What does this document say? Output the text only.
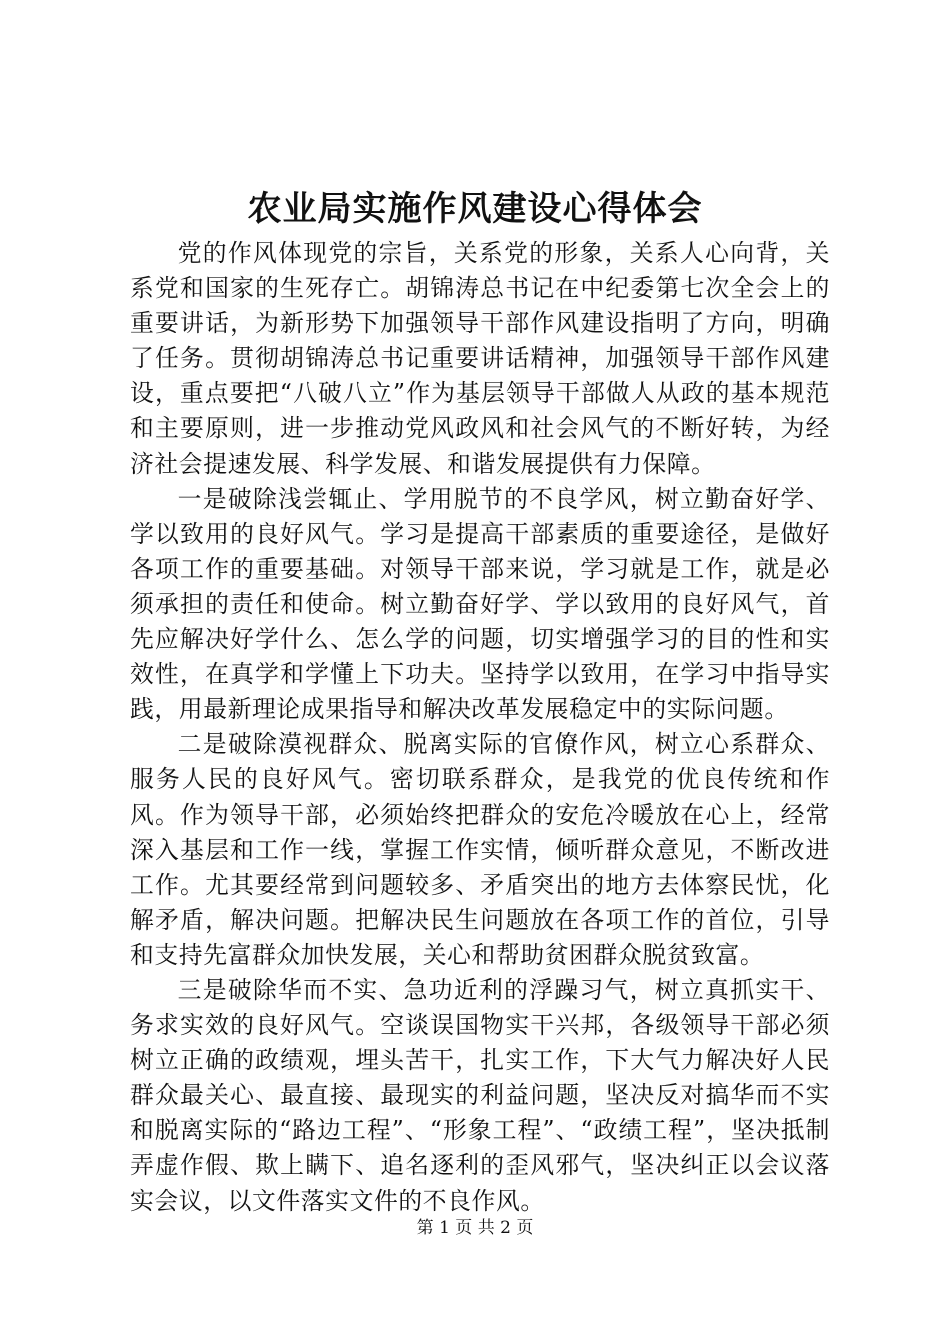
农业局实施作风建设心得体会

党的作风体现党的宗旨，关系党的形象，关系人心向背，关系党和国家的生死存亡。胡锦涛总书记在中纪委第七次全会上的重要讲话，为新形势下加强领导干部作风建设指明了方向，明确了任务。贯彻胡锦涛总书记重要讲话精神，加强领导干部作风建设，重点要把“八破八立”作为基层领导干部做人从政的基本规范和主要原则，进一步推动党风政风和社会风气的不断好转，为经济社会提速发展、科学发展、和谐发展提供有力保障。

一是破除浅尝辄止、学用脱节的不良学风，树立勤奋好学、学以致用的良好风气。学习是提高干部素质的重要途径，是做好各项工作的重要基础。对领导干部来说，学习就是工作，就是必须承担的责任和使命。树立勤奋好学、学以致用的良好风气，首先应解决好学什么、怎么学的问题，切实增强学习的目的性和实效性，在真学和学懂上下功夫。坚持学以致用，在学习中指导实践，用最新理论成果指导和解决改革发展稳定中的实际问题。

二是破除漠视群众、脱离实际的官僚作风，树立心系群众、服务人民的良好风气。密切联系群众，是我党的优良传统和作风。作为领导干部，必须始终把群众的安危冷暖放在心上，经常深入基层和工作一线，掌握工作实情，倾听群众意见，不断改进工作。尤其要经常到问题较多、矛盾突出的地方去体察民忧，化解矛盾，解决问题。把解决民生问题放在各项工作的首位，引导和支持先富群众加快发展，关心和帮助贫困群众脱贫致富。

三是破除华而不实、急功近利的浮躁习气，树立真抓实干、务求实效的良好风气。空谈误国物实干兴邦，各级领导干部必须树立正确的政绩观，埋头苦干，扎实工作，下大气力解决好人民群众最关心、最直接、最现实的利益问题，坚决反对搞华而不实和脱离实际的“路边工程”、“形象工程”、“政绩工程”，坚决抵制弄虚作假、欺上瞒下、追名逐利的歪风邪气，坚决纠正以会议落实会议，以文件落实文件的不良作风。

第 1 页 共 2 页
